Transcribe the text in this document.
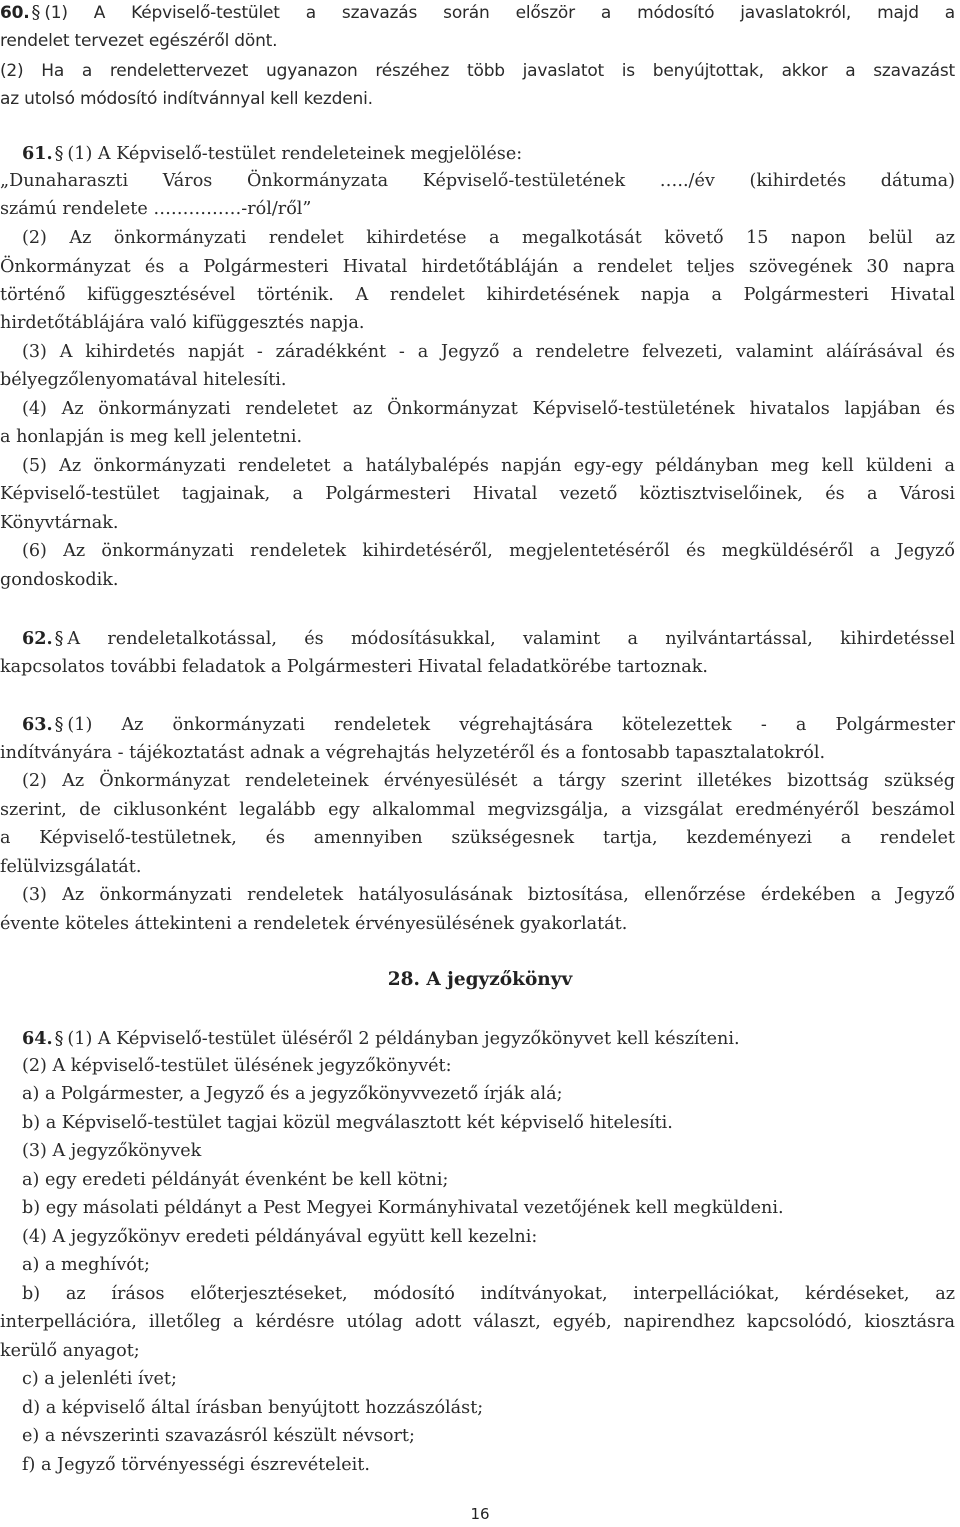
60. § (1) A Képviselő-testület a szavazás során először a módosító javaslatokról, majd a
rendelet tervezet egészéről dönt.
(2) Ha a rendelettervezet ugyanazon részéhez több javaslatot is benyújtottak, akkor a szavazást
az utolsó módosító indítvánnyal kell kezdeni.
61. § (1) A Képviselő-testület rendeleteinek megjelölése:
„Dunaharaszti Város Önkormányzata Képviselő-testületének …../év (kihirdetés dátuma)
számú rendelete ……………-ról/ről”
(2) Az önkormányzati rendelet kihirdetése a megalkotását követő 15 napon belül az
Önkormányzat és a Polgármesteri Hivatal hirdetőtábláján a rendelet teljes szövegének 30 napra
történő kifüggesztésével történik. A rendelet kihirdetésének napja a Polgármesteri Hivatal
hirdetőtáblájára való kifüggesztés napja.
(3) A kihirdetés napját - záradékként - a Jegyző a rendeletre felvezeti, valamint aláírásával és
bélyegzőlenyomatával hitelesíti.
(4) Az önkormányzati rendeletet az Önkormányzat Képviselő-testületének hivatalos lapjában és
a honlapján is meg kell jelentetni.
(5) Az önkormányzati rendeletet a hatálybalépés napján egy-egy példányban meg kell küldeni a
Képviselő-testület tagjainak, a Polgármesteri Hivatal vezető köztisztviselőinek, és a Városi
Könyvtárnak.
(6) Az önkormányzati rendeletek kihirdetéséről, megjelentetéséről és megküldéséről a Jegyző
gondoskodik.
62. § A rendeletalkotással, és módosításukkal, valamint a nyilvántartással, kihirdetéssel
kapcsolatos további feladatok a Polgármesteri Hivatal feladatkörébe tartoznak.
63. § (1) Az önkormányzati rendeletek végrehajtására kötelezettek - a Polgármester
indítványára - tájékoztatást adnak a végrehajtás helyzetéről és a fontosabb tapasztalatokról.
(2) Az Önkormányzat rendeleteinek érvényesülését a tárgy szerint illetékes bizottság szükség
szerint, de ciklusonként legalább egy alkalommal megvizsgálja, a vizsgálat eredményéről beszámol
a Képviselő-testületnek, és amennyiben szükségesnek tartja, kezdeményezi a rendelet
felülvizsgálatát.
(3) Az önkormányzati rendeletek hatályosulásának biztosítása, ellenőrzése érdekében a Jegyző
évente köteles áttekinteni a rendeletek érvényesülésének gyakorlatát.
28. A jegyzőkönyv
64. § (1) A Képviselő-testület üléséről 2 példányban jegyzőkönyvet kell készíteni.
(2) A képviselő-testület ülésének jegyzőkönyvét:
a) a Polgármester, a Jegyző és a jegyzőkönyvvezető írják alá;
b) a Képviselő-testület tagjai közül megválasztott két képviselő hitelesíti.
(3) A jegyzőkönyvek
a) egy eredeti példányát évenként be kell kötni;
b) egy másolati példányt a Pest Megyei Kormányhivatal vezetőjének kell megküldeni.
(4) A jegyzőkönyv eredeti példányával együtt kell kezelni:
a) a meghívót;
b) az írásos előterjesztéseket, módosító indítványokat, interpellációkat, kérdéseket, az
interpellációra, illetőleg a kérdésre utólag adott választ, egyéb, napirendhez kapcsolódó, kiosztásra
kerülő anyagot;
c) a jelenléti ívet;
d) a képviselő által írásban benyújtott hozzászólást;
e) a névszerinti szavazásról készült névsort;
f) a Jegyző törvényességi észrevételeit.
16
